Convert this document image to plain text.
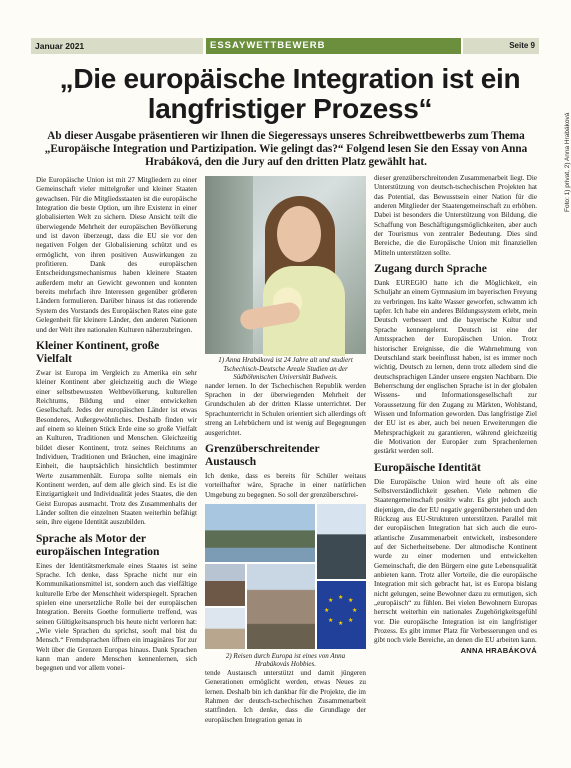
Januar 2021	ESSAYWETTBEWERB	Seite 9
Foto: 1) privat, 2) Anna Hrabáková
„Die europäische Integration ist ein langfristiger Prozess“

Ab dieser Ausgabe präsentieren wir Ihnen die Siegeressays unseres Schreibwettbewerbs zum Thema „Europäische Integration und Partizipation. Wie gelingt das?“ Folgend lesen Sie den Essay von Anna Hrabáková, den die Jury auf den dritten Platz gewählt hat.

Die Europäische Union ist mit 27 Mitgliedern zu einer Gemeinschaft vieler mittelgroßer und kleiner Staaten gewachsen. Für die Mitgliedsstaaten ist die europäische Integration die beste Option, um ihre Existenz in einer globalisierten Welt zu sichern. Diese Ansicht teilt die überwiegende Mehrheit der europäischen Bevölkerung und ist davon überzeugt, dass die EU sie vor den negativen Folgen der Globalisierung schützt und es ermöglicht, von ihren positiven Auswirkungen zu profitieren. Dank des europäischen Entscheidungsmechanismus haben kleinere Staaten außerdem mehr an Gewicht gewonnen und konnten bereits mehrfach ihre Interessen gegenüber größeren Ländern formulieren. Darüber hinaus ist das rotierende System des Vorstands des Europäischen Rates eine gute Gelegenheit für kleinere Länder, den anderen Nationen und der Welt ihre nationalen Kulturen näherzubringen.

Kleiner Kontinent, große Vielfalt

Zwar ist Europa im Vergleich zu Amerika ein sehr kleiner Kontinent aber gleichzeitig auch die Wiege einer selbstbewussten Weltbevölkerung, kulturellen Reichtums, Bildung und einer entwickelten Gesellschaft. Jedes der europäischen Länder ist etwas Besonderes, Außergewöhnliches. Deshalb finden wir auf einem so kleinen Stück Erde eine so große Vielfalt an Kulturen, Traditionen und Menschen. Gleichzeitig bildet dieser Kontinent, trotz seines Reichtums an Individuen, Traditionen und Bräuchen, eine imaginäre Einheit, die hauptsächlich hinsichtlich bestimmter Werte zusammenhält. Europa sollte niemals ein Kontinent werden, auf dem alle gleich sind. Es ist die Einzigartigkeit und Individualität jedes Staates, die den Geist Europas ausmacht. Trotz des Zusammenhalts der Länder sollten die einzelnen Staaten weiterhin befähigt sein, ihre eigene Identität auszubilden.

Sprache als Motor der europäischen Integration

Eines der Identitätsmerkmale eines Staates ist seine Sprache. Ich denke, dass Sprache nicht nur ein Kommunikationsmittel ist, sondern auch das vielfältige kulturelle Erbe der Menschheit widerspiegelt. Sprachen spielen eine unersetzliche Rolle bei der europäischen Integration. Bereits Goethe formulierte treffend, was seinen Gültigkeitsanspruch bis heute nicht verloren hat: „Wie viele Sprachen du sprichst, sooft mal bist du Mensch.“ Fremdsprachen öffnen ein imaginäres Tor zur Welt über die Grenzen Europas hinaus. Dank Sprachen kann man andere Menschen kennenlernen, sich begegnen und vor allem vonei-

1) Anna Hrabáková ist 24 Jahre alt und studiert Tschechisch-Deutsche Areale Studien an der Südböhmischen Universität Budweis.

nander lernen. In der Tschechischen Republik werden Sprachen in der überwiegenden Mehrheit der Grundschulen ab der dritten Klasse unterrichtet. Der Sprachunterricht in Schulen orientiert sich allerdings oft streng an Lehrbüchern und ist wenig auf Begegnungen ausgerichtet.

Grenzüberschreitender Austausch

Ich denke, dass es bereits für Schüler weitaus vorteilhafter wäre, Sprache in einer natürlichen Umgebung zu begegnen. So soll der grenzüberschrei-

★ ★
★
★
★
★
★
★

2) Reisen durch Europa ist eines von Anna Hrabákovás Hobbies.

tende Austausch unterstützt und damit jüngeren Generationen ermöglicht werden, etwas Neues zu lernen. Deshalb bin ich dankbar für die Projekte, die im Rahmen der deutsch-tschechischen Zusammenarbeit stattfinden. Ich denke, dass die Grundlage der europäischen Integration genau in

dieser grenzüberschreitenden Zusammenarbeit liegt. Die Unterstützung von deutsch-tschechischen Projekten hat das Potential, das Bewusstsein einer Nation für die anderen Mitglieder der Staatengemeinschaft zu erhöhen. Dabei ist besonders die Unterstützung von Bildung, die Schaffung von Beschäftigungsmöglichkeiten, aber auch der Tourismus von zentraler Bedeutung. Dies sind Bereiche, die die Europäische Union mit finanziellen Mitteln unterstützen sollte.

Zugang durch Sprache

Dank EUREGIO hatte ich die Möglichkeit, ein Schuljahr an einem Gymnasium im bayerischen Freyung zu verbringen. Ins kalte Wasser geworfen, schwamm ich tapfer. Ich habe ein anderes Bildungssystem erlebt, mein Deutsch verbessert und die bayerische Kultur und Sprache kennengelernt. Deutsch ist eine der Amtssprachen der Europäischen Union. Trotz historischer Ereignisse, die die Wahrnehmung von Deutschland stark beeinflusst haben, ist es immer noch wichtig, Deutsch zu lernen, denn trotz alledem sind die deutschsprachigen Länder unsere engsten Nachbarn. Die Beherrschung der englischen Sprache ist in der globalen Wissens- und Informationsgesellschaft zur Voraussetzung für den Zugang zu Märkten, Wohlstand, Wissen und Information geworden. Das langfristige Ziel der EU ist es aber, auch bei neuen Erweiterungen die Mehrsprachigkeit zu garantieren, während gleichzeitig die Motivation der Europäer zum Sprachenlernen gestärkt werden soll.

Europäische Identität

Die Europäische Union wird heute oft als eine Selbstverständlichkeit gesehen. Viele nehmen die Staatengemeinschaft positiv wahr. Es gibt jedoch auch diejenigen, die der EU negativ gegenüberstehen und den Rückzug aus EU-Strukturen unterstützen. Parallel mit der europäischen Integration hat sich auch die euro-atlantische Zusammenarbeit entwickelt, insbesondere auf der Sicherheitsebene. Der altmodische Kontinent wurde zu einer modernen und entwickelten Gemeinschaft, die den Bürgern eine gute Lebensqualität anbieten kann. Trotz aller Vorteile, die die europäische Integration mit sich gebracht hat, ist es Europa bislang nicht gelungen, seine Bewohner dazu zu ermutigen, sich „europäisch“ zu fühlen. Bei vielen Bewohnern Europas herrscht weiterhin ein nationales Zugehörigkeitsgefühl vor. Die europäische Integration ist ein langfristiger Prozess. Es gibt immer Platz für Verbesserungen und es gibt noch viele Bereiche, an denen die EU arbeiten kann.

ANNA HRABÁKOVÁ
